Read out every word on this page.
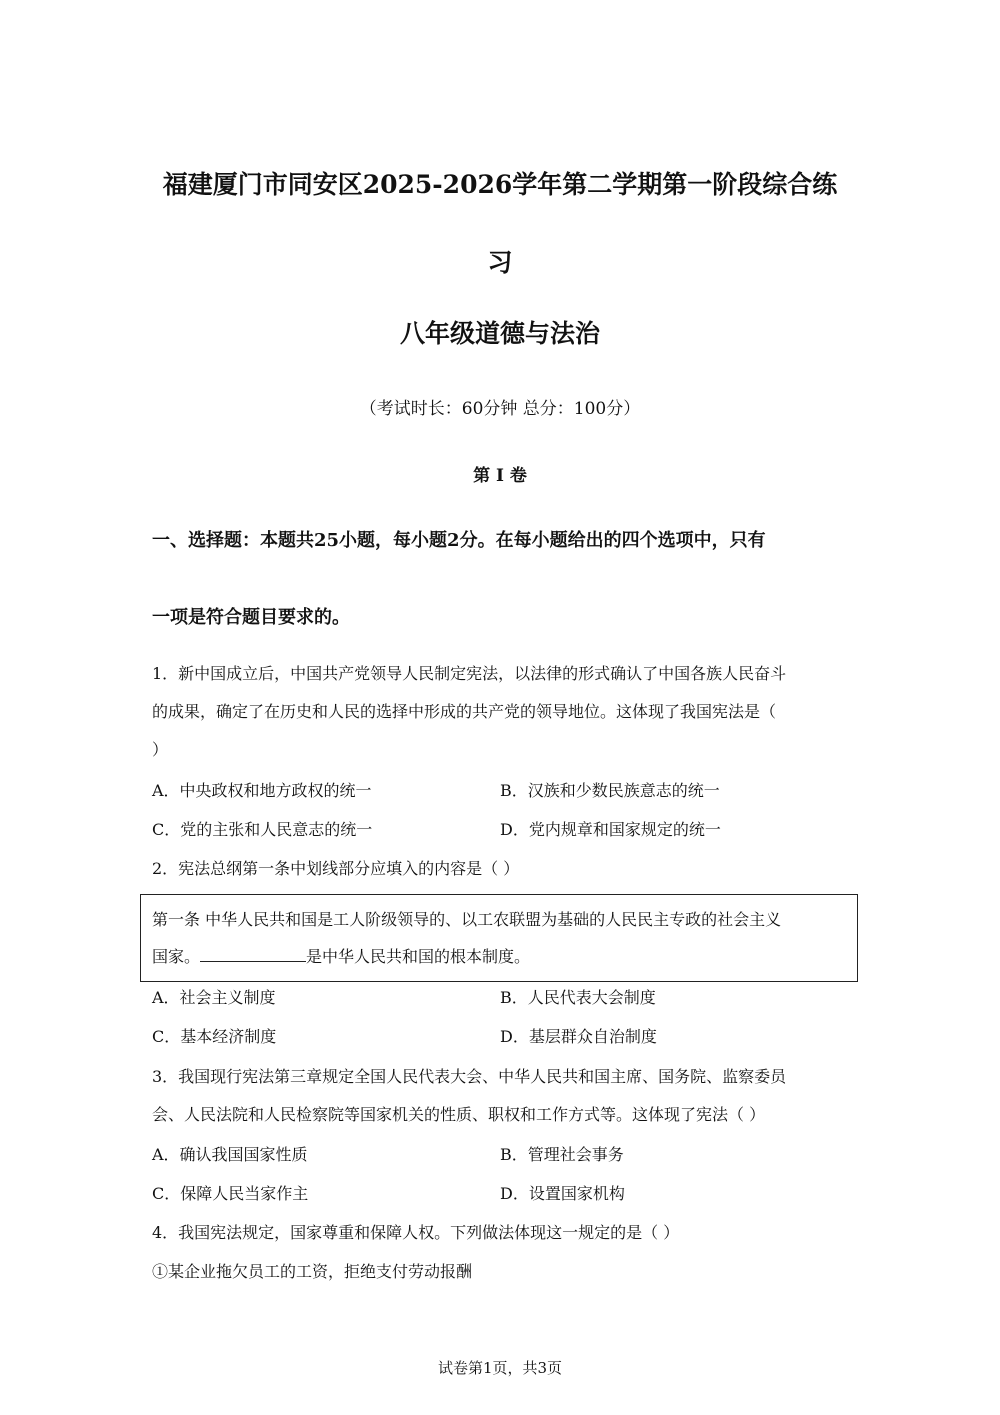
福建厦门市同安区2025-2026学年第二学期第一阶段综合练
习
八年级道德与法治
（考试时长：60分钟 总分：100分）
第 I 卷
一、选择题：本题共25小题，每小题2分。在每小题给出的四个选项中，只有
一项是符合题目要求的。
1．新中国成立后，中国共产党领导人民制定宪法，以法律的形式确认了中国各族人民奋斗
的成果，确定了在历史和人民的选择中形成的共产党的领导地位。这体现了我国宪法是（
）
A．中央政权和地方政权的统一	B．汉族和少数民族意志的统一
C．党的主张和人民意志的统一	D．党内规章和国家规定的统一
2．宪法总纲第一条中划线部分应填入的内容是（ ）
第一条 中华人民共和国是工人阶级领导的、以工农联盟为基础的人民民主专政的社会主义
国家。	是中华人民共和国的根本制度。
A．社会主义制度	B．人民代表大会制度
C．基本经济制度	D．基层群众自治制度
3．我国现行宪法第三章规定全国人民代表大会、中华人民共和国主席、国务院、监察委员
会、人民法院和人民检察院等国家机关的性质、职权和工作方式等。这体现了宪法（ ）
A．确认我国国家性质	B．管理社会事务
C．保障人民当家作主	D．设置国家机构
4．我国宪法规定，国家尊重和保障人权。下列做法体现这一规定的是（ ）
①某企业拖欠员工的工资，拒绝支付劳动报酬
试卷第1页，共3页
